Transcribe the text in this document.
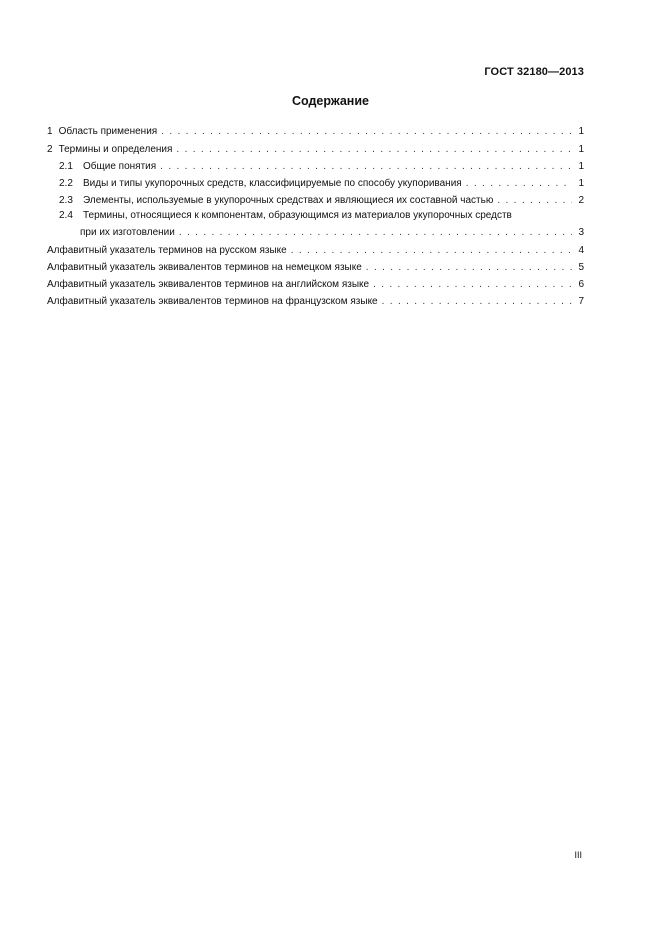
ГОСТ 32180—2013
Содержание
1 Область применения . . .	1
2 Термины и определения . . .	1
2.1	Общие понятия . . .	1
2.2	Виды и типы укупорочных средств, классифицируемые по способу укупоривания . . .	1
2.3	Элементы, используемые в укупорочных средствах и являющиеся их составной частью . . .	2
2.4	Термины, относящиеся к компонентам, образующимся из материалов укупорочных средств
при их изготовлении . . .	3
Алфавитный указатель терминов на русском языке . . .	4
Алфавитный указатель эквивалентов терминов на немецком языке . . .	5
Алфавитный указатель эквивалентов терминов на английском языке . . .	6
Алфавитный указатель эквивалентов терминов на французском языке . . .	7
III
